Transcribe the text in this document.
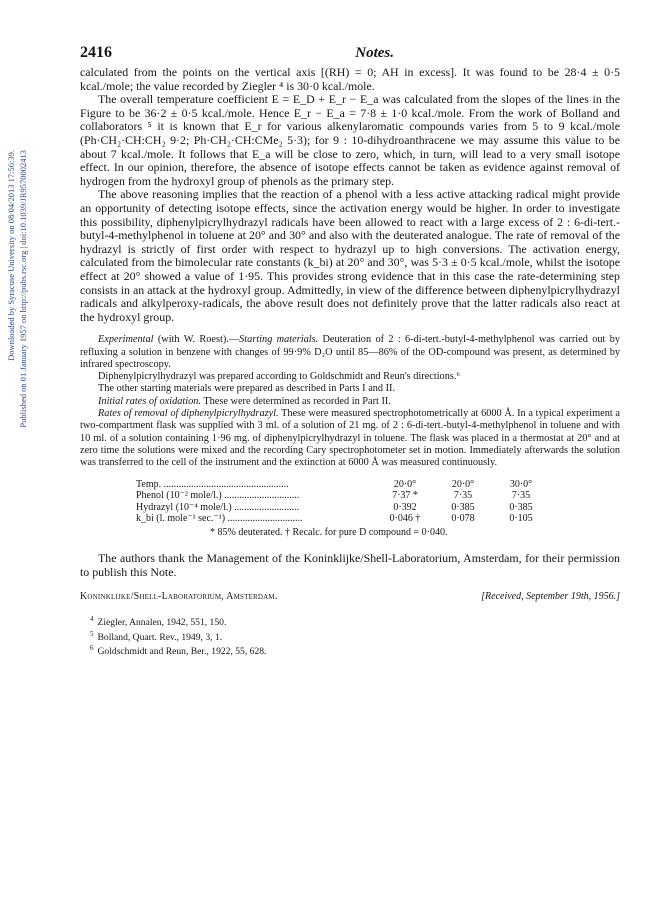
Downloaded by Syracuse University on 08/04/2013 17:56:39. Published on 01 January 1957 on http://pubs.rsc.org | doi:10.1039/JR9570002413
2416	Notes.

calculated from the points on the vertical axis [(RH) = 0; AH in excess]. It was found to be 28·4 ± 0·5 kcal./mole; the value recorded by Ziegler ⁴ is 30·0 kcal./mole.

The overall temperature coefficient E = E_D + E_r − E_a was calculated from the slopes of the lines in the Figure to be 36·2 ± 0·5 kcal./mole. Hence E_r − E_a = 7·8 ± 1·0 kcal./mole. From the work of Bolland and collaborators ⁵ it is known that E_r for various alkenylaromatic compounds varies from 5 to 9 kcal./mole (Ph·CH₂·CH:CH₂ 9·2; Ph·CH₂·CH:CMe₂ 5·3); for 9 : 10-dihydroanthracene we may assume this value to be about 7 kcal./mole. It follows that E_a will be close to zero, which, in turn, will lead to a very small isotope effect. In our opinion, therefore, the absence of isotope effects cannot be taken as evidence against removal of hydrogen from the hydroxyl group of phenols as the primary step.

The above reasoning implies that the reaction of a phenol with a less active attacking radical might provide an opportunity of detecting isotope effects, since the activation energy would be higher. In order to investigate this possibility, diphenylpicrylhydrazyl radicals have been allowed to react with a large excess of 2 : 6-di-tert.-butyl-4-methylphenol in toluene at 20° and 30° and also with the deuterated analogue. The rate of removal of the hydrazyl is strictly of first order with respect to hydrazyl up to high conversions. The activation energy, calculated from the bimolecular rate constants (k_bi) at 20° and 30°, was 5·3 ± 0·5 kcal./mole, whilst the isotope effect at 20° showed a value of 1·95. This provides strong evidence that in this case the rate-determining step consists in an attack at the hydroxyl group. Admittedly, in view of the difference between diphenylpicrylhydrazyl radicals and alkylperoxy-radicals, the above result does not definitely prove that the latter radicals also react at the hydroxyl group.

Experimental (with W. Roest).—Starting materials. Deuteration of 2 : 6-di-tert.-butyl-4-methylphenol was carried out by refluxing a solution in benzene with changes of 99·9% D₂O until 85—86% of the OD-compound was present, as determined by infrared spectroscopy.

Diphenylpicrylhydrazyl was prepared according to Goldschmidt and Reun's directions.⁶

The other starting materials were prepared as described in Parts I and II.

Initial rates of oxidation. These were determined as recorded in Part II.

Rates of removal of diphenylpicrylhydrazyl. These were measured spectrophotometrically at 6000 Å. In a typical experiment a two-compartment flask was supplied with 3 ml. of a solution of 21 mg. of 2 : 6-di-tert.-butyl-4-methylphenol in toluene and with 10 ml. of a solution containing 1·96 mg. of diphenylpicrylhydrazyl in toluene. The flask was placed in a thermostat at 20° and at zero time the solutions were mixed and the recording Cary spectrophotometer set in motion. Immediately afterwards the solution was transferred to the cell of the instrument and the extinction at 6000 Å was measured continuously.

Temp. ..................................................	20·0°	20·0°	30·0°
Phenol (10⁻² mole/l.) ..............................	7·37 *	7·35	7·35
Hydrazyl (10⁻⁴ mole/l.) ..........................	0·392	0·385	0·385
k_bi (l. mole⁻¹ sec.⁻¹) ..............................	0·046 †	0·078	0·105
* 85% deuterated. † Recalc. for pure D compound = 0·040.

The authors thank the Management of the Koninklijke/Shell-Laboratorium, Amsterdam, for their permission to publish this Note.

Koninklijke/Shell-Laboratorium, Amsterdam.	[Received, September 19th, 1956.]
$^4$ Ziegler, Annalen, 1942, 551, 150.
$^5$ Bolland, Quart. Rev., 1949, 3, 1.
$^6$ Goldschmidt and Reun, Ber., 1922, 55, 628.
